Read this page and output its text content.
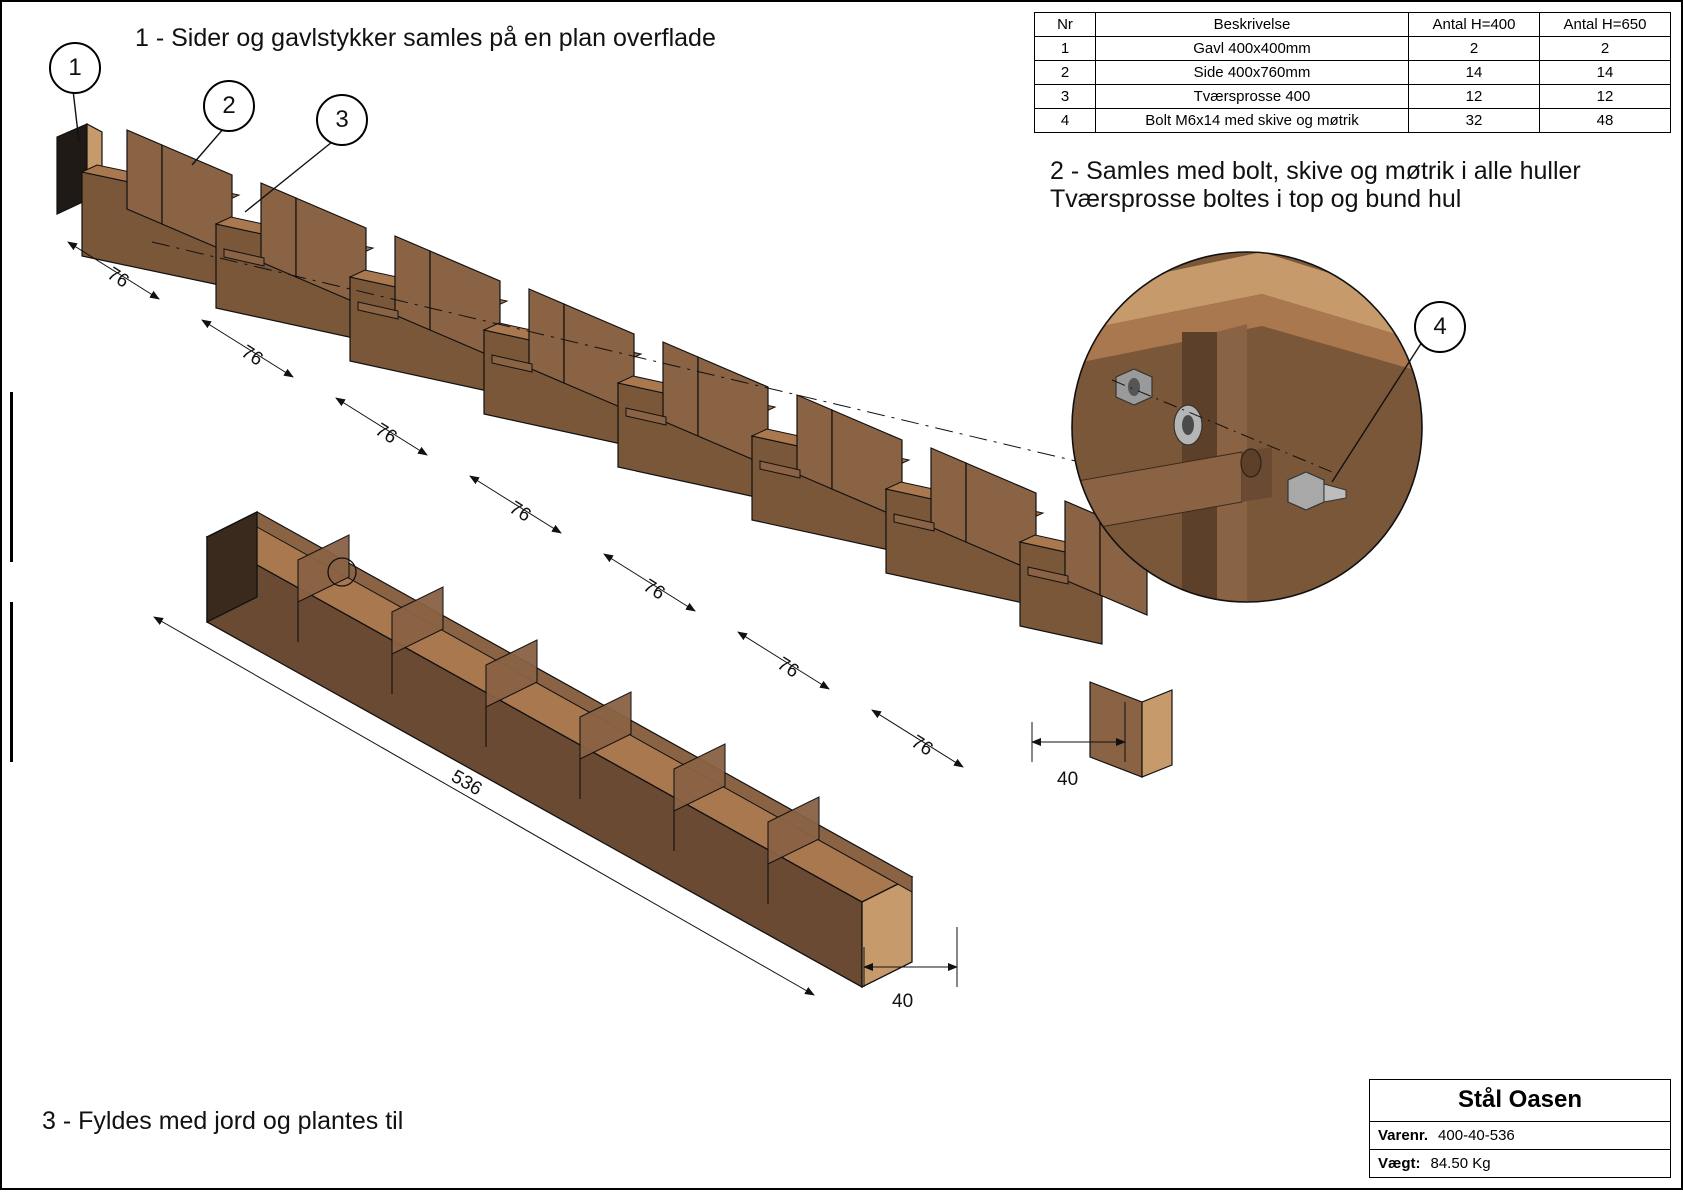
76
76
76
76
76
76
76
40
536
40
Nr	Beskrivelse	Antal H=400	Antal H=650
1	Gavl 400x400mm	2	2
2	Side 400x760mm	14	14
3	Tværsprosse 400	12	12
4	Bolt M6x14 med skive og møtrik	32	48
1 - Sider og gavlstykker samles på en plan overflade
2 - Samles med bolt, skive og møtrik i alle huller
Tværsprosse boltes i top og bund hul
3 - Fyldes med jord og plantes til
1
2
3
4
Stål Oasen
Varenr. 400-40-536
Vægt: 84.50 Kg
